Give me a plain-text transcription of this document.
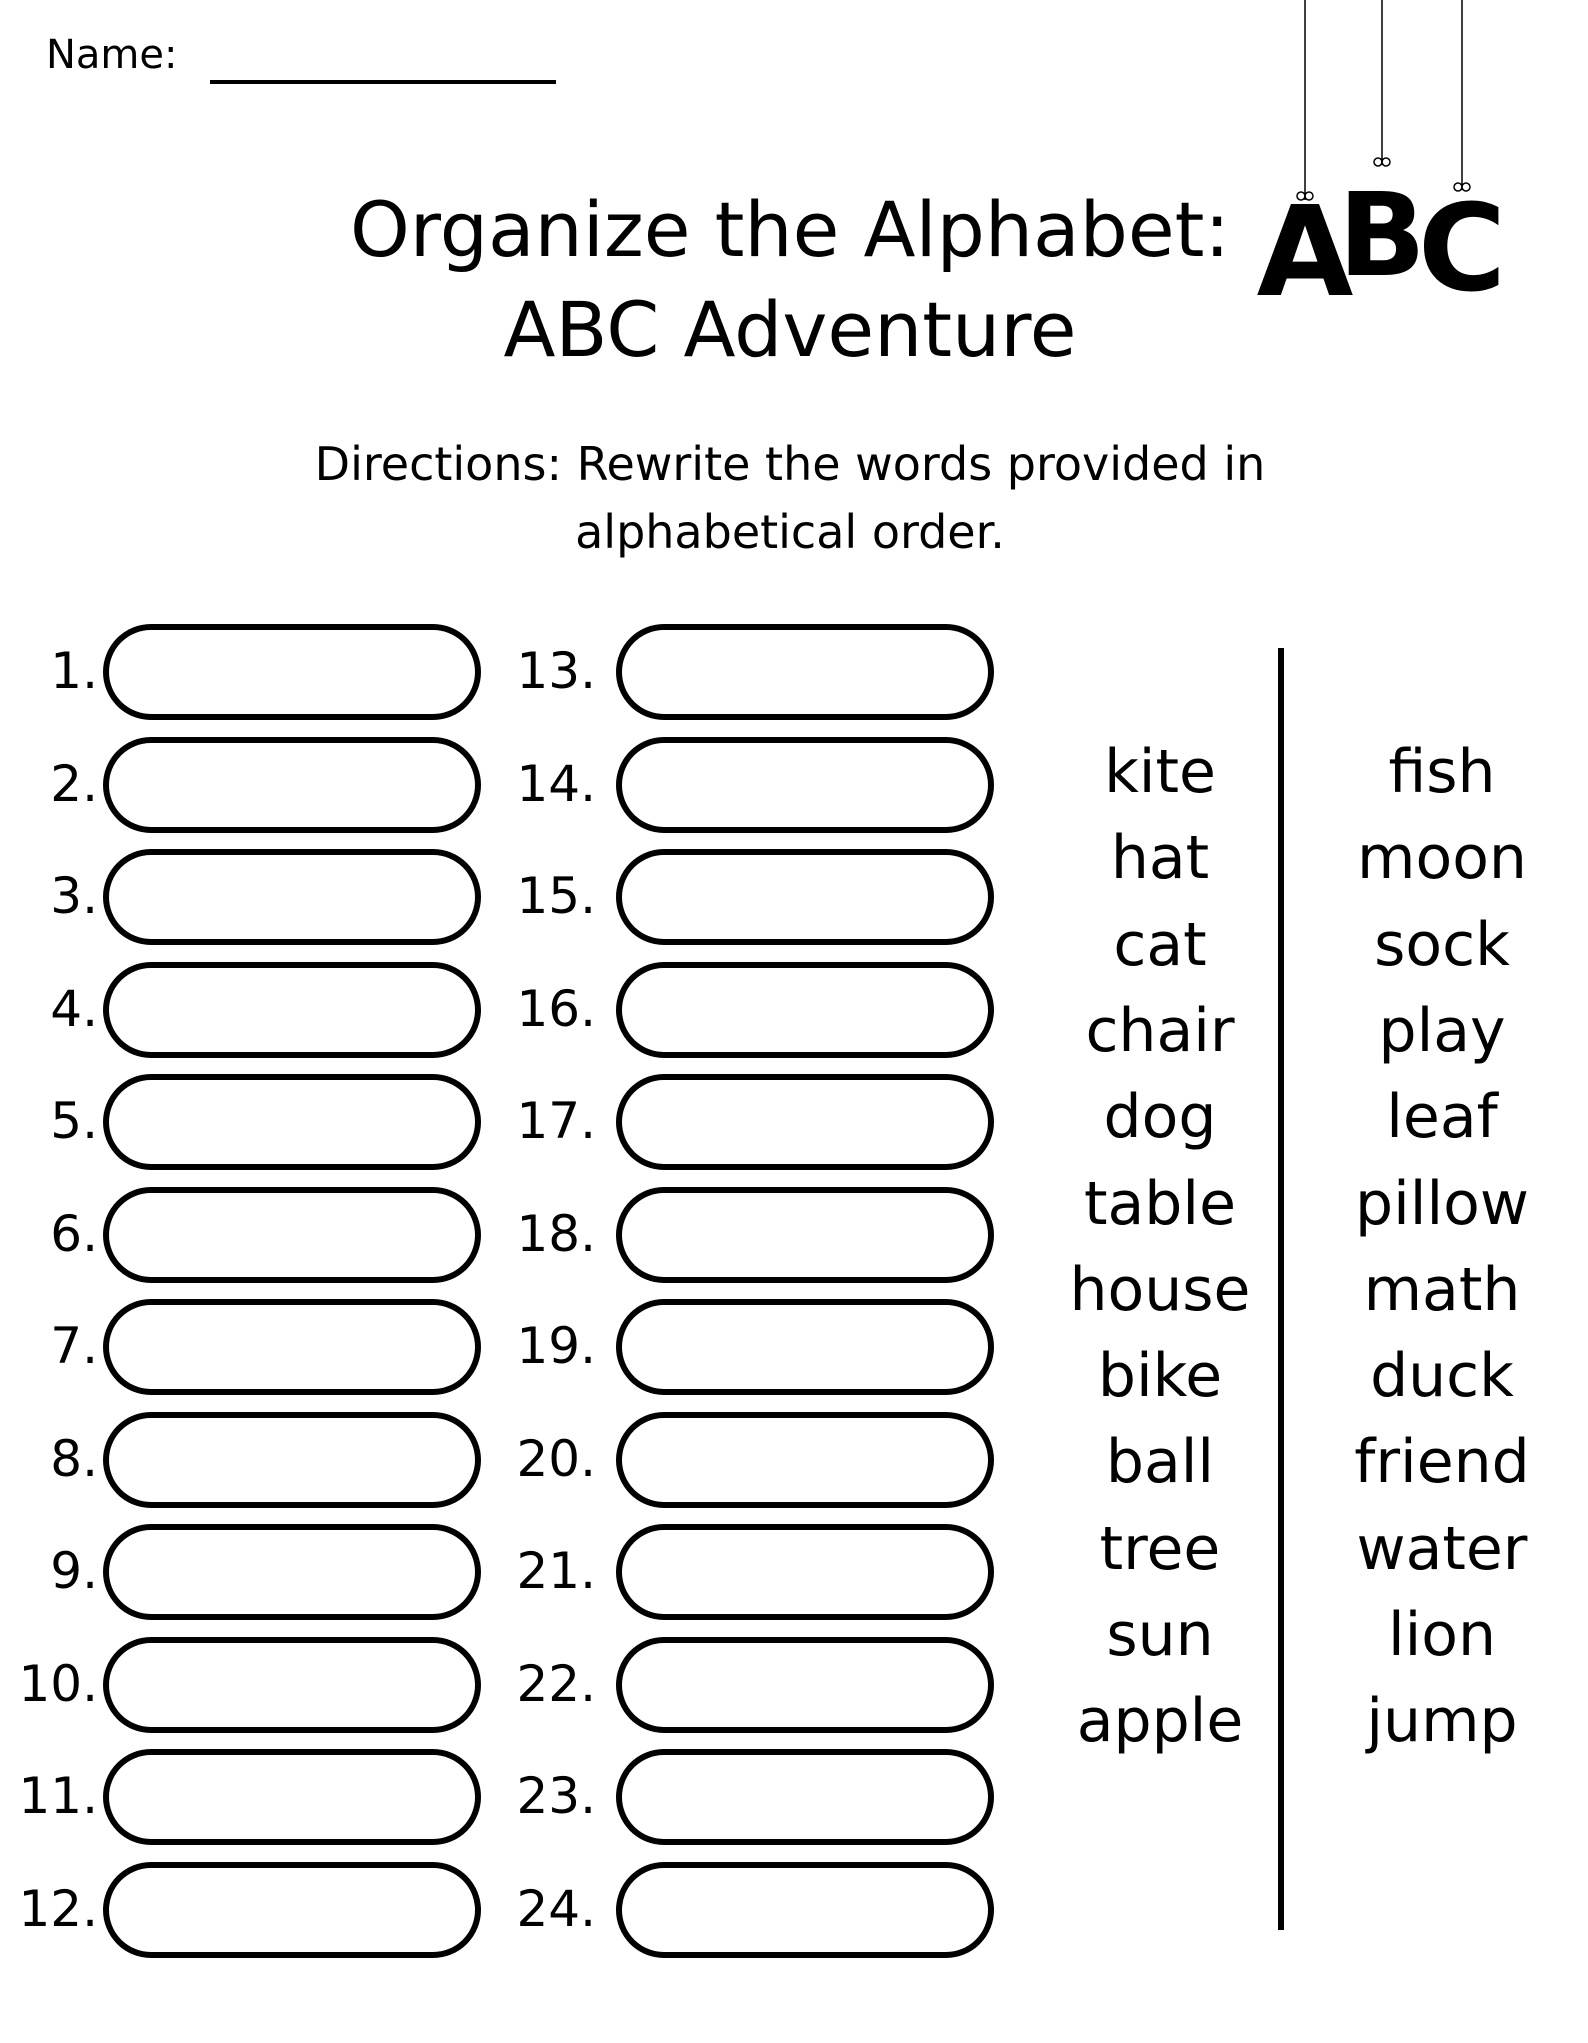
Name:
Organize the Alphabet:
ABC Adventure
A
B
C
Directions: Rewrite the words provided in
alphabetical order.
1.
2.
3.
4.
5.
6.
7.
8.
9.
10.
11.
12.
13.
14.
15.
16.
17.
18.
19.
20.
21.
22.
23.
24.
kite
hat
cat
chair
dog
table
house
bike
ball
tree
sun
apple
fish
moon
sock
play
leaf
pillow
math
duck
friend
water
lion
jump
